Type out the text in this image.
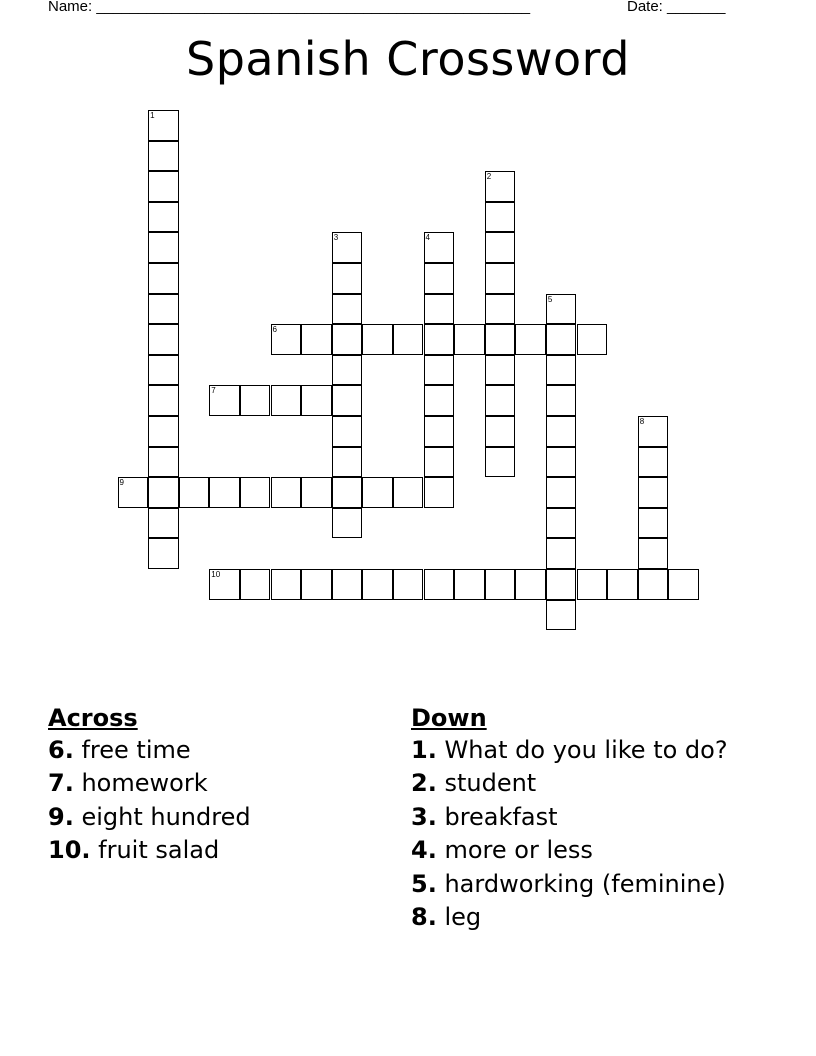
Name: ____________________________________________________	Date: _______
Spanish Crossword
1
2
3	4
5
6
7
8
9
10
Across
6. free time
7. homework
9. eight hundred
10. fruit salad
Down
1. What do you like to do?
2. student
3. breakfast
4. more or less
5. hardworking (feminine)
8. leg
